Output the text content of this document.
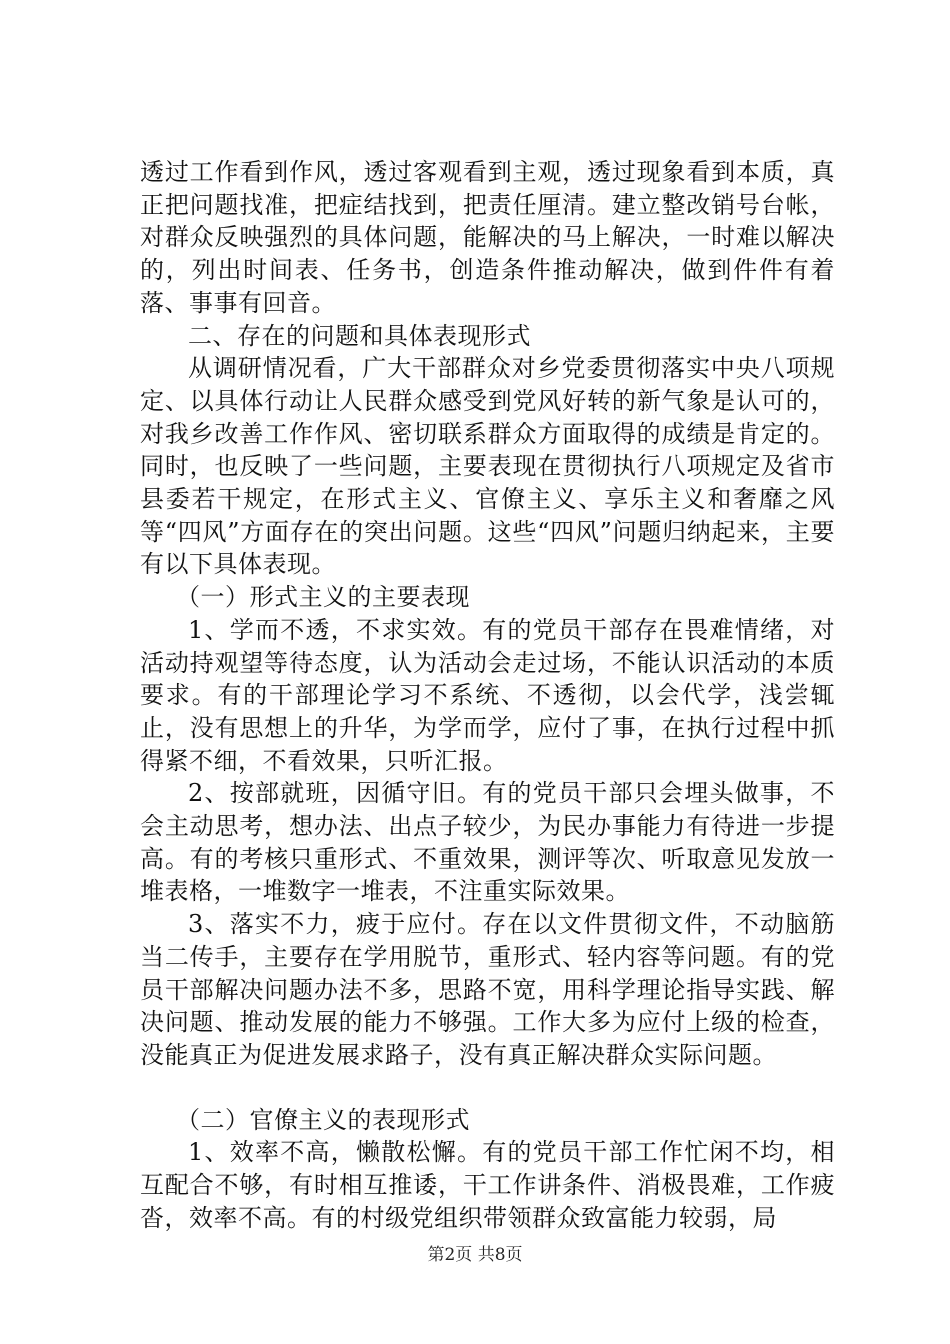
透过工作看到作风，透过客观看到主观，透过现象看到本质，真正把问题找准，把症结找到，把责任厘清。建立整改销号台帐，对群众反映强烈的具体问题，能解决的马上解决，一时难以解决的，列出时间表、任务书，创造条件推动解决，做到件件有着落、事事有回音。

二、存在的问题和具体表现形式

从调研情况看，广大干部群众对乡党委贯彻落实中央八项规定、以具体行动让人民群众感受到党风好转的新气象是认可的，对我乡改善工作作风、密切联系群众方面取得的成绩是肯定的。同时，也反映了一些问题，主要表现在贯彻执行八项规定及省市县委若干规定，在形式主义、官僚主义、享乐主义和奢靡之风等“四风”方面存在的突出问题。这些“四风”问题归纳起来，主要有以下具体表现。

（一）形式主义的主要表现

1、学而不透，不求实效。有的党员干部存在畏难情绪，对活动持观望等待态度，认为活动会走过场，不能认识活动的本质要求。有的干部理论学习不系统、不透彻，以会代学，浅尝辄止，没有思想上的升华，为学而学，应付了事，在执行过程中抓得紧不细，不看效果，只听汇报。

2、按部就班，因循守旧。有的党员干部只会埋头做事，不会主动思考，想办法、出点子较少，为民办事能力有待进一步提高。有的考核只重形式、不重效果，测评等次、听取意见发放一堆表格，一堆数字一堆表，不注重实际效果。

3、落实不力，疲于应付。存在以文件贯彻文件，不动脑筋当二传手，主要存在学用脱节，重形式、轻内容等问题。有的党员干部解决问题办法不多，思路不宽，用科学理论指导实践、解决问题、推动发展的能力不够强。工作大多为应付上级的检查，没能真正为促进发展求路子，没有真正解决群众实际问题。

（二）官僚主义的表现形式

1、效率不高，懒散松懈。有的党员干部工作忙闲不均，相互配合不够，有时相互推诿，干工作讲条件、消极畏难，工作疲沓，效率不高。有的村级党组织带领群众致富能力较弱，局

第2页 共8页
